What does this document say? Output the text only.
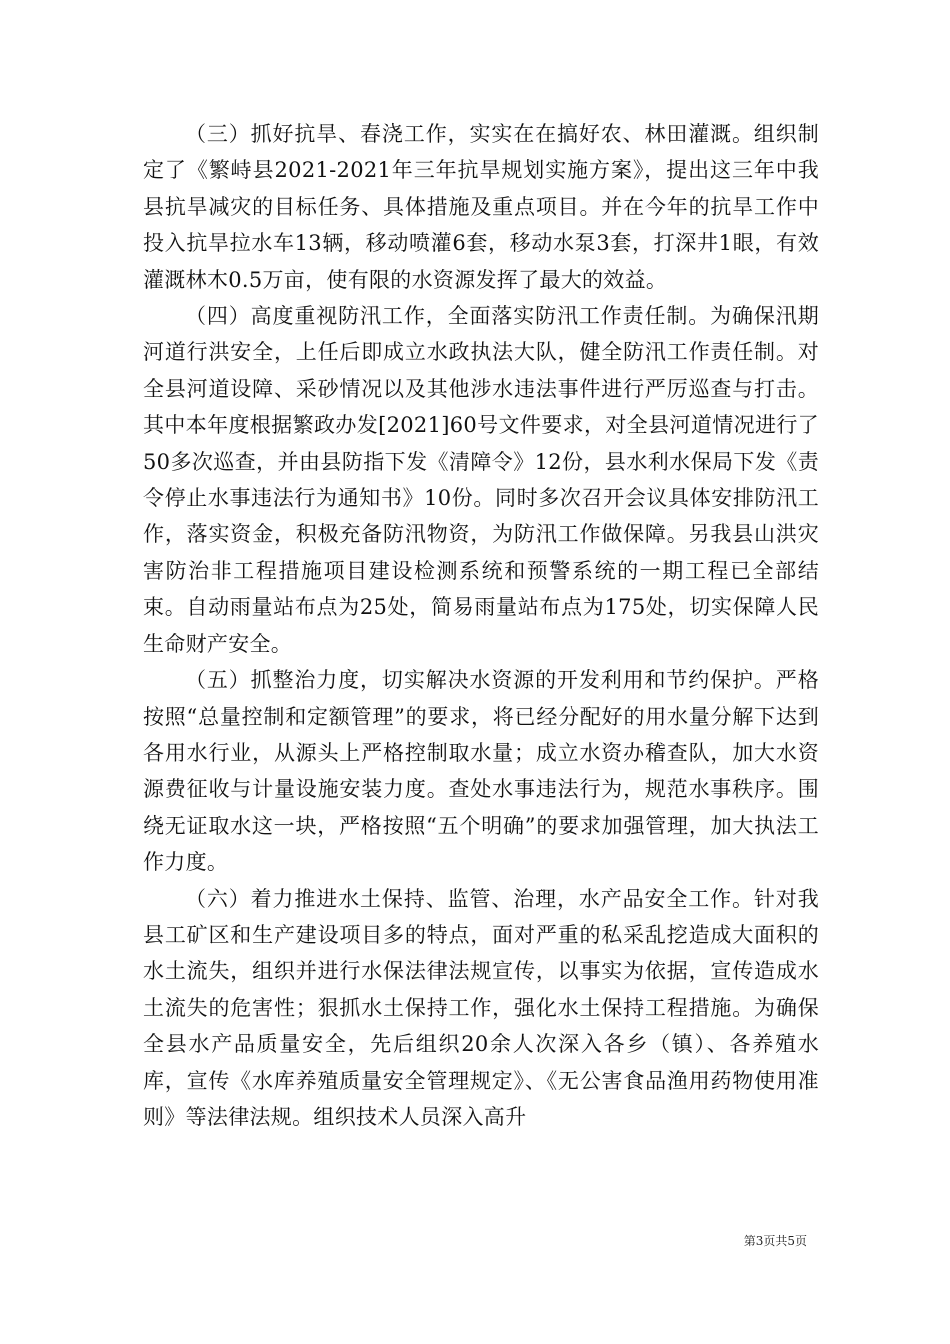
（三）抓好抗旱、春浇工作，实实在在搞好农、林田灌溉。组织制定了《繁峙县2021-2021年三年抗旱规划实施方案》，提出这三年中我县抗旱减灾的目标任务、具体措施及重点项目。并在今年的抗旱工作中投入抗旱拉水车13辆，移动喷灌6套，移动水泵3套，打深井1眼，有效灌溉林木0.5万亩，使有限的水资源发挥了最大的效益。

（四）高度重视防汛工作，全面落实防汛工作责任制。为确保汛期河道行洪安全，上任后即成立水政执法大队，健全防汛工作责任制。对全县河道设障、采砂情况以及其他涉水违法事件进行严厉巡查与打击。其中本年度根据繁政办发[2021]60号文件要求，对全县河道情况进行了50多次巡查，并由县防指下发《清障令》12份，县水利水保局下发《责令停止水事违法行为通知书》10份。同时多次召开会议具体安排防汛工作，落实资金，积极充备防汛物资，为防汛工作做保障。另我县山洪灾害防治非工程措施项目建设检测系统和预警系统的一期工程已全部结束。自动雨量站布点为25处，简易雨量站布点为175处，切实保障人民生命财产安全。

（五）抓整治力度，切实解决水资源的开发利用和节约保护。严格按照“总量控制和定额管理”的要求，将已经分配好的用水量分解下达到各用水行业，从源头上严格控制取水量；成立水资办稽查队，加大水资源费征收与计量设施安装力度。查处水事违法行为，规范水事秩序。围绕无证取水这一块，严格按照“五个明确”的要求加强管理，加大执法工作力度。

（六）着力推进水土保持、监管、治理，水产品安全工作。针对我县工矿区和生产建设项目多的特点，面对严重的私采乱挖造成大面积的水土流失，组织并进行水保法律法规宣传，以事实为依据，宣传造成水土流失的危害性；狠抓水土保持工作，强化水土保持工程措施。为确保全县水产品质量安全，先后组织20余人次深入各乡（镇）、各养殖水库，宣传《水库养殖质量安全管理规定》、《无公害食品渔用药物使用准则》等法律法规。组织技术人员深入高升

第3页共5页
